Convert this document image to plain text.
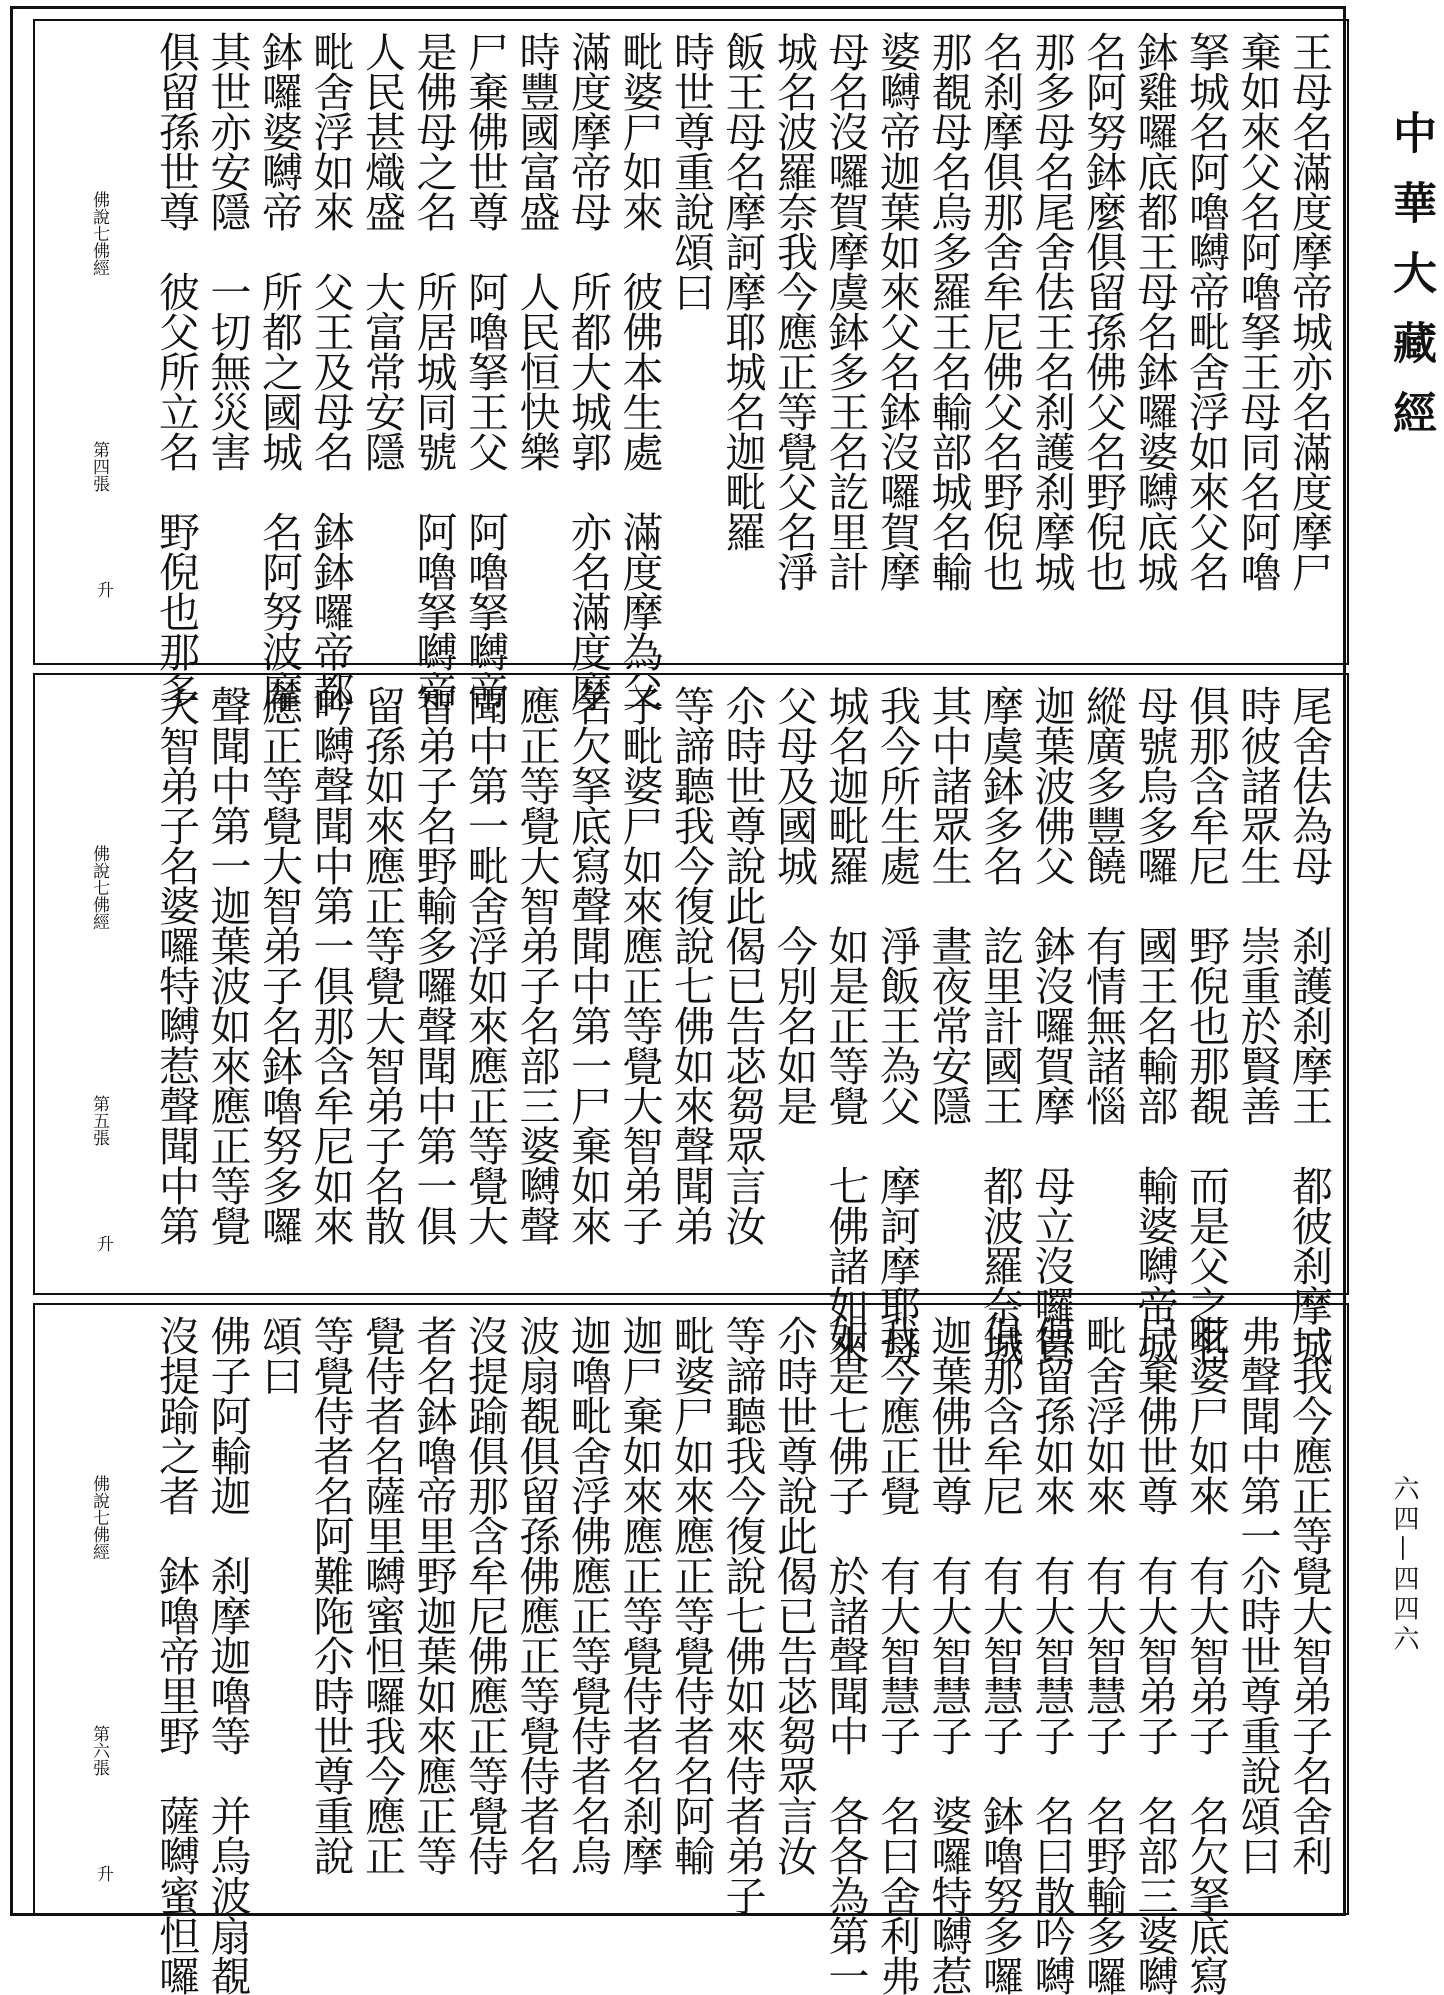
王母名滿度摩帝城亦名滿度摩尸
棄如來父名阿嚕拏王母同名阿嚕
拏城名阿嚕嚩帝毗舍浮如來父名
鉢雞囉底都王母名鉢囉婆嚩底城
名阿努鉢麼俱留孫佛父名野倪也
那多母名尾舍佉王名刹護刹摩城
名刹摩俱那舍牟尼佛父名野倪也
那覩母名烏多羅王名輸部城名輸
婆嚩帝迦葉如來父名鉢沒囉賀摩
母名沒囉賀摩虞鉢多王名訖里計
城名波羅奈我今應正等覺父名淨
飯王母名摩訶摩耶城名迦毗羅
時世尊重說頌曰
毗婆尸如來　彼佛本生處　滿度摩為父
滿度摩帝母　所都大城郭　亦名滿度摩
時豐國富盛　人民恒快樂
尸棄佛世尊　阿嚕拏王父　阿嚕拏嚩帝
是佛母之名　所居城同號　阿嚕拏嚩帝
人民甚熾盛　大富常安隱
毗舍浮如來　父王及母名　鉢鉢囉帝都
鉢囉婆嚩帝　所都之國城　名阿努波摩
其世亦安隱　一切無災害
俱留孫世尊　彼父所立名　野倪也那多
佛說七佛經
第四張
升
尾舍佉為母　刹護刹摩王　都彼刹摩城
時彼諸眾生　崇重於賢善
俱那含牟尼　野倪也那覩　而是父之名
母號烏多囉　國王名輸部　輸婆嚩帝城
縱廣多豐饒　有情無諸惱
迦葉波佛父　鉢沒囉賀摩　母立沒囉賀
摩虞鉢多名　訖里計國王　都波羅奈城
其中諸眾生　晝夜常安隱
我今所生處　淨飯王為父　摩訶摩耶母
城名迦毗羅　如是正等覺　七佛諸如來
父母及國城　今別名如是
尒時世尊說此偈已告苾芻眾言汝
等諦聽我今復說七佛如來聲聞弟
子毗婆尸如來應正等覺大智弟子
名欠拏底寫聲聞中第一尸棄如來
應正等覺大智弟子名部三婆嚩聲
聞中第一毗舍浮如來應正等覺大
智弟子名野輸多囉聲聞中第一俱
留孫如來應正等覺大智弟子名散
吟嚩聲聞中第一俱那含牟尼如來
應正等覺大智弟子名鉢嚕努多囉
聲聞中第一迦葉波如來應正等覺
大智弟子名婆囉特嚩惹聲聞中第
佛說七佛經
第五張
升
一我今應正等覺大智弟子名舍利
弗聲聞中第一尒時世尊重說頌曰
毗婆尸如來　有大智弟子　名欠拏底寫
尸棄佛世尊　有大智弟子　名部三婆嚩
毗舍浮如來　有大智慧子　名野輸多囉
俱留孫如來　有大智慧子　名曰散吟嚩
俱那含牟尼　有大智慧子　鉢嚕努多囉
迦葉佛世尊　有大智慧子　婆囉特嚩惹
我今應正覺　有大智慧子　名曰舍利弗
如是七佛子　於諸聲聞中　各各為第一
尒時世尊說此偈已告苾芻眾言汝
等諦聽我今復說七佛如來侍者弟子
毗婆尸如來應正等覺侍者名阿輸
迦尸棄如來應正等覺侍者名刹摩
迦嚕毗舍浮佛應正等覺侍者名烏
波扇覩俱留孫佛應正等覺侍者名
沒提踰俱那含牟尼佛應正等覺侍
者名鉢嚕帝里野迦葉如來應正等
覺侍者名薩里嚩蜜怛囉我今應正
等覺侍者名阿難陁尒時世尊重說
頌曰
佛子阿輸迦　刹摩迦嚕等　并烏波扇覩
沒提踰之者　鉢嚕帝里野　薩嚩蜜怛囉
佛說七佛經
第六張
升
中華大藏經
六四—四四六
